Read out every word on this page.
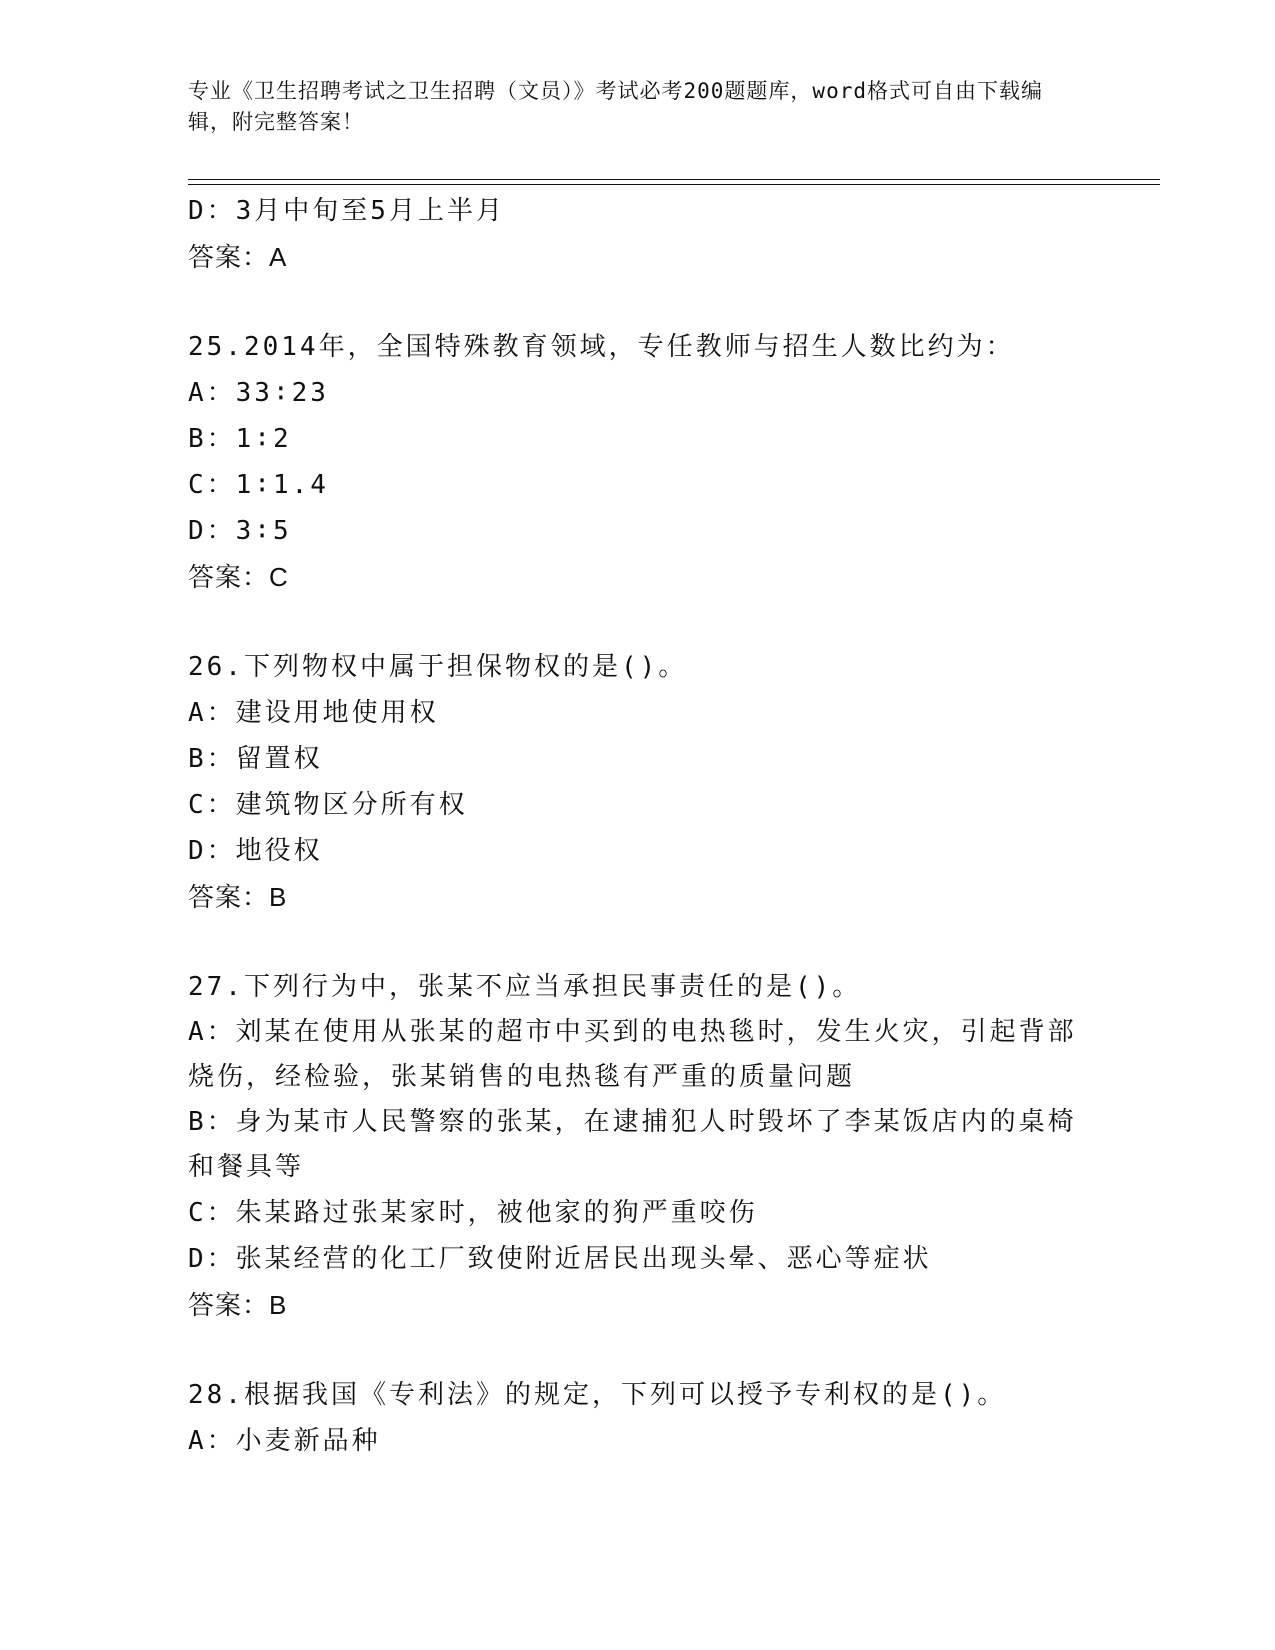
专业《卫生招聘考试之卫生招聘（文员）》考试必考200题题库，word格式可自由下载编辑，附完整答案！
D：3月中旬至5月上半月
答案：A
25.2014年，全国特殊教育领域，专任教师与招生人数比约为：
A：33∶23
B：1∶2
C：1∶1.4
D：3∶5
答案：C
26.下列物权中属于担保物权的是()。
A：建设用地使用权
B：留置权
C：建筑物区分所有权
D：地役权
答案：B
27.下列行为中，张某不应当承担民事责任的是()。
A：刘某在使用从张某的超市中买到的电热毯时，发生火灾，引起背部烧伤，经检验，张某销售的电热毯有严重的质量问题
B：身为某市人民警察的张某，在逮捕犯人时毁坏了李某饭店内的桌椅和餐具等
C：朱某路过张某家时，被他家的狗严重咬伤
D：张某经营的化工厂致使附近居民出现头晕、恶心等症状
答案：B
28.根据我国《专利法》的规定，下列可以授予专利权的是()。
A：小麦新品种
